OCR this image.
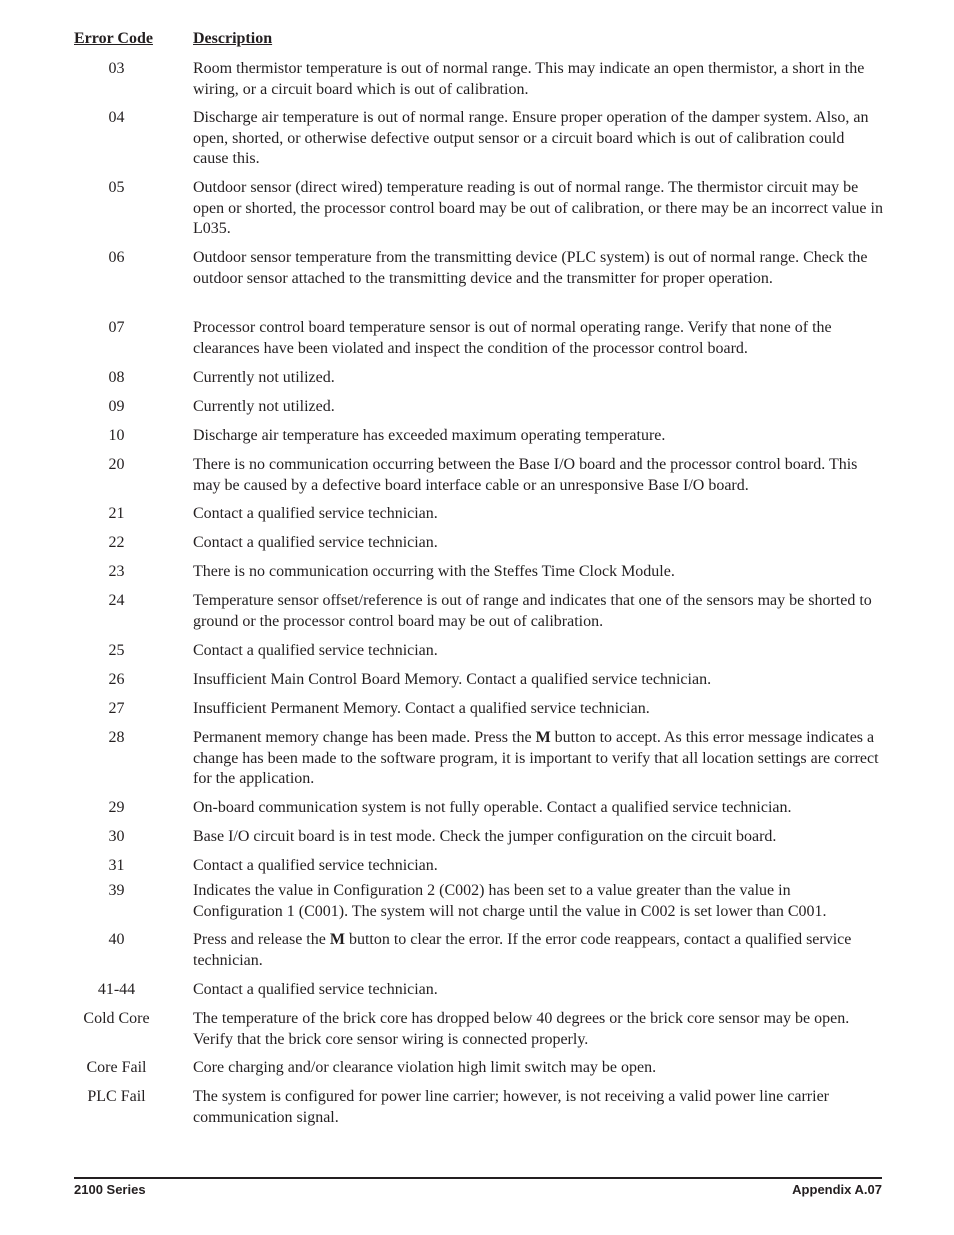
Error Code	Description
03	Room thermistor temperature is out of normal range. This may indicate an open thermistor, a short in the wiring, or a circuit board which is out of calibration.
04	Discharge air temperature is out of normal range. Ensure proper operation of the damper system. Also, an open, shorted, or otherwise defective output sensor or a circuit board which is out of calibration could cause this.
05	Outdoor sensor (direct wired) temperature reading is out of normal range. The thermistor circuit may be open or shorted, the processor control board may be out of calibration, or there may be an incorrect value in L035.
06	Outdoor sensor temperature from the transmitting device (PLC system) is out of normal range. Check the outdoor sensor attached to the transmitting device and the transmitter for proper operation.
07	Processor control board temperature sensor is out of normal operating range. Verify that none of the clearances have been violated and inspect the condition of the processor control board.
08	Currently not utilized.
09	Currently not utilized.
10	Discharge air temperature has exceeded maximum operating temperature.
20	There is no communication occurring between the Base I/O board and the processor control board. This may be caused by a defective board interface cable or an unresponsive Base I/O board.
21	Contact a qualified service technician.
22	Contact a qualified service technician.
23	There is no communication occurring with the Steffes Time Clock Module.
24	Temperature sensor offset/reference is out of range and indicates that one of the sensors may be shorted to ground or the processor control board may be out of calibration.
25	Contact a qualified service technician.
26	Insufficient Main Control Board Memory. Contact a qualified service technician.
27	Insufficient Permanent Memory. Contact a qualified service technician.
28	Permanent memory change has been made. Press the M button to accept. As this error message indicates a change has been made to the software program, it is important to verify that all location settings are correct for the application.
29	On-board communication system is not fully operable. Contact a qualified service technician.
30	Base I/O circuit board is in test mode. Check the jumper configuration on the circuit board.
31	Contact a qualified service technician.
39	Indicates the value in Configuration 2 (C002) has been set to a value greater than the value in Configuration 1 (C001). The system will not charge until the value in C002 is set lower than C001.
40	Press and release the M button to clear the error. If the error code reappears, contact a qualified service technician.
41-44	Contact a qualified service technician.
Cold Core	The temperature of the brick core has dropped below 40 degrees or the brick core sensor may be open. Verify that the brick core sensor wiring is connected properly.
Core Fail	Core charging and/or clearance violation high limit switch may be open.
PLC Fail	The system is configured for power line carrier; however, is not receiving a valid power line carrier communication signal.
2100 Series	Appendix A.07
